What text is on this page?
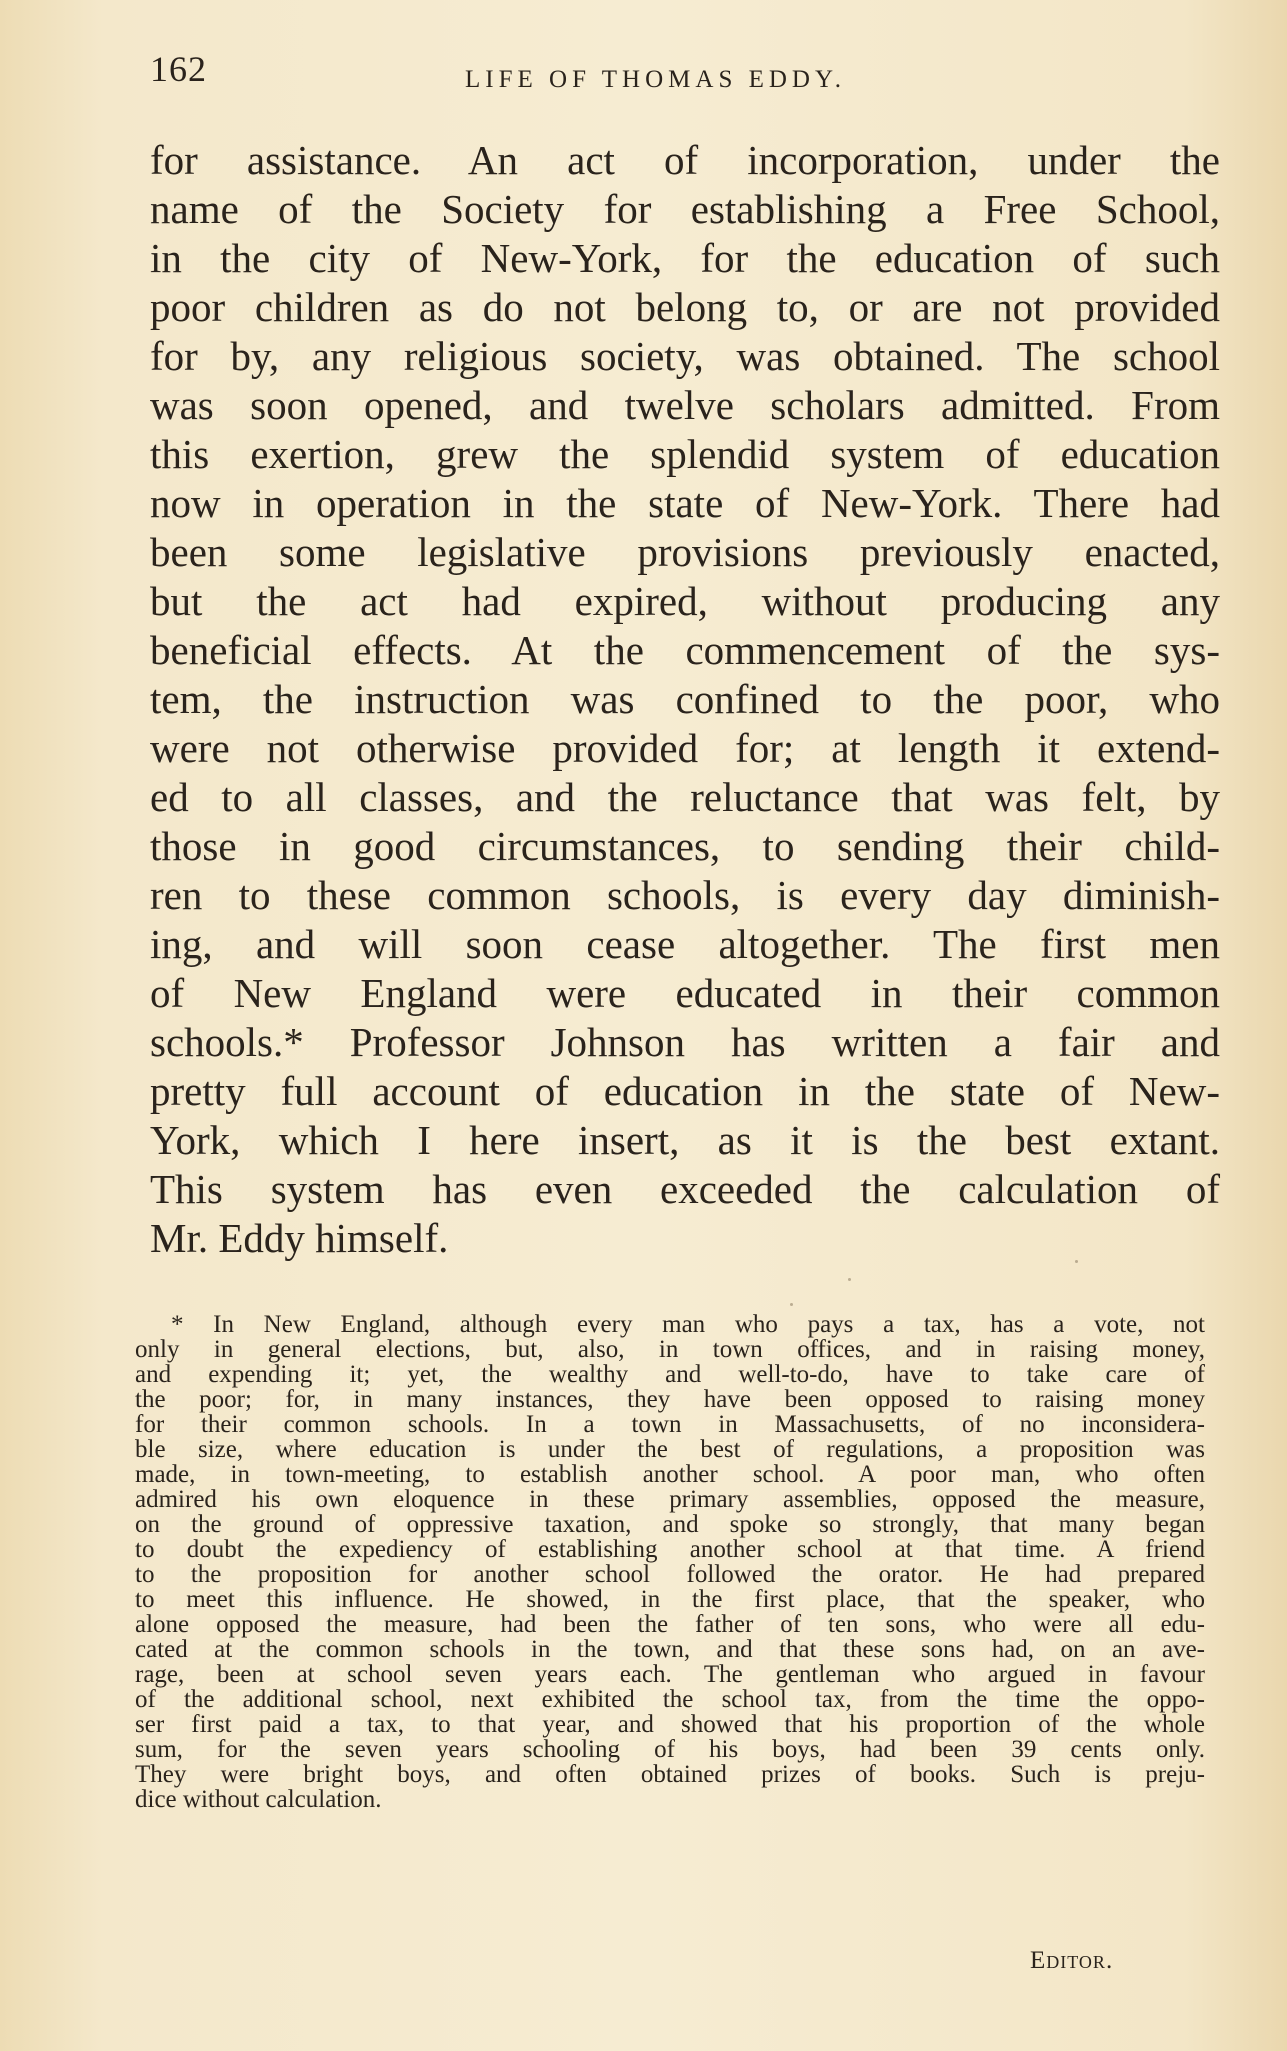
162	LIFE OF THOMAS EDDY.

for assistance. An act of incorporation, under the
name of the Society for establishing a Free School,
in the city of New-York, for the education of such
poor children as do not belong to, or are not provided
for by, any religious society, was obtained. The school
was soon opened, and twelve scholars admitted. From
this exertion, grew the splendid system of education
now in operation in the state of New-York. There had
been some legislative provisions previously enacted,
but the act had expired, without producing any
beneficial effects. At the commencement of the sys-
tem, the instruction was confined to the poor, who
were not otherwise provided for; at length it extend-
ed to all classes, and the reluctance that was felt, by
those in good circumstances, to sending their child-
ren to these common schools, is every day diminish-
ing, and will soon cease altogether. The first men
of New England were educated in their common
schools.* Professor Johnson has written a fair and
pretty full account of education in the state of New-
York, which I here insert, as it is the best extant.
This system has even exceeded the calculation of
Mr. Eddy himself.

* In New England, although every man who pays a tax, has a vote, not
only in general elections, but, also, in town offices, and in raising money,
and expending it; yet, the wealthy and well-to-do, have to take care of
the poor; for, in many instances, they have been opposed to raising money
for their common schools. In a town in Massachusetts, of no inconsidera-
ble size, where education is under the best of regulations, a proposition was
made, in town-meeting, to establish another school. A poor man, who often
admired his own eloquence in these primary assemblies, opposed the measure,
on the ground of oppressive taxation, and spoke so strongly, that many began
to doubt the expediency of establishing another school at that time. A friend
to the proposition for another school followed the orator. He had prepared
to meet this influence. He showed, in the first place, that the speaker, who
alone opposed the measure, had been the father of ten sons, who were all edu-
cated at the common schools in the town, and that these sons had, on an ave-
rage, been at school seven years each. The gentleman who argued in favour
of the additional school, next exhibited the school tax, from the time the oppo-
ser first paid a tax, to that year, and showed that his proportion of the whole
sum, for the seven years schooling of his boys, had been 39 cents only.
They were bright boys, and often obtained prizes of books. Such is preju-
dice without calculation.

Editor.
